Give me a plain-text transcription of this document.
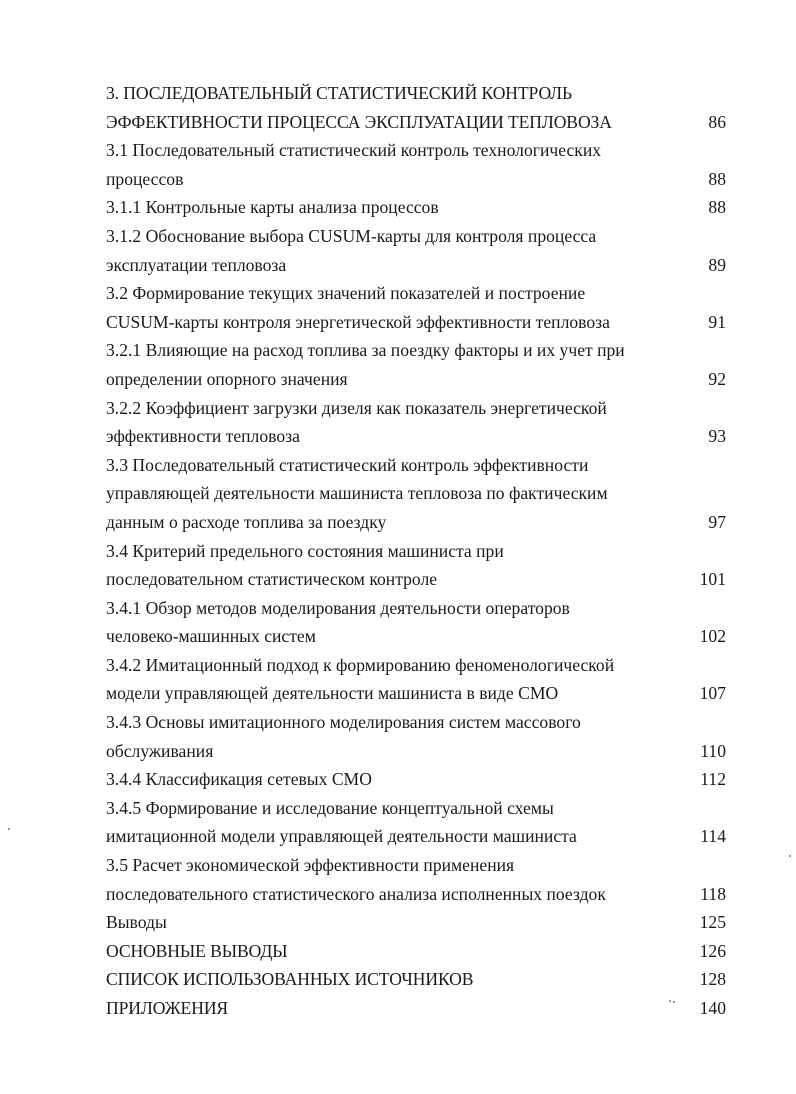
3. ПОСЛЕДОВАТЕЛЬНЫЙ СТАТИСТИЧЕСКИЙ КОНТРОЛЬ
ЭФФЕКТИВНОСТИ ПРОЦЕССА ЭКСПЛУАТАЦИИ ТЕПЛОВОЗА	86
3.1 Последовательный статистический контроль технологических
процессов	88
3.1.1 Контрольные карты анализа процессов	88
3.1.2 Обоснование выбора CUSUM-карты для контроля процесса
эксплуатации тепловоза	89
3.2 Формирование текущих значений показателей и построение
CUSUM-карты контроля энергетической эффективности тепловоза	91
3.2.1 Влияющие на расход топлива за поездку факторы и их учет при
определении опорного значения	92
3.2.2 Коэффициент загрузки дизеля как показатель энергетической
эффективности тепловоза	93
3.3 Последовательный статистический контроль эффективности
управляющей деятельности машиниста тепловоза по фактическим
данным о расходе топлива за поездку	97
3.4 Критерий предельного состояния машиниста при
последовательном статистическом контроле	101
3.4.1 Обзор методов моделирования деятельности операторов
человеко-машинных систем	102
3.4.2 Имитационный подход к формированию феноменологической
модели управляющей деятельности машиниста в виде СМО	107
3.4.3 Основы имитационного моделирования систем массового
обслуживания	110
3.4.4 Классификация сетевых СМО	112
3.4.5 Формирование и исследование концептуальной схемы
имитационной модели управляющей деятельности машиниста	114
3.5 Расчет экономической эффективности применения
последовательного статистического анализа исполненных поездок	118
Выводы	125
ОСНОВНЫЕ ВЫВОДЫ	126
СПИСОК ИСПОЛЬЗОВАННЫХ ИСТОЧНИКОВ	128
ПРИЛОЖЕНИЯ	140
